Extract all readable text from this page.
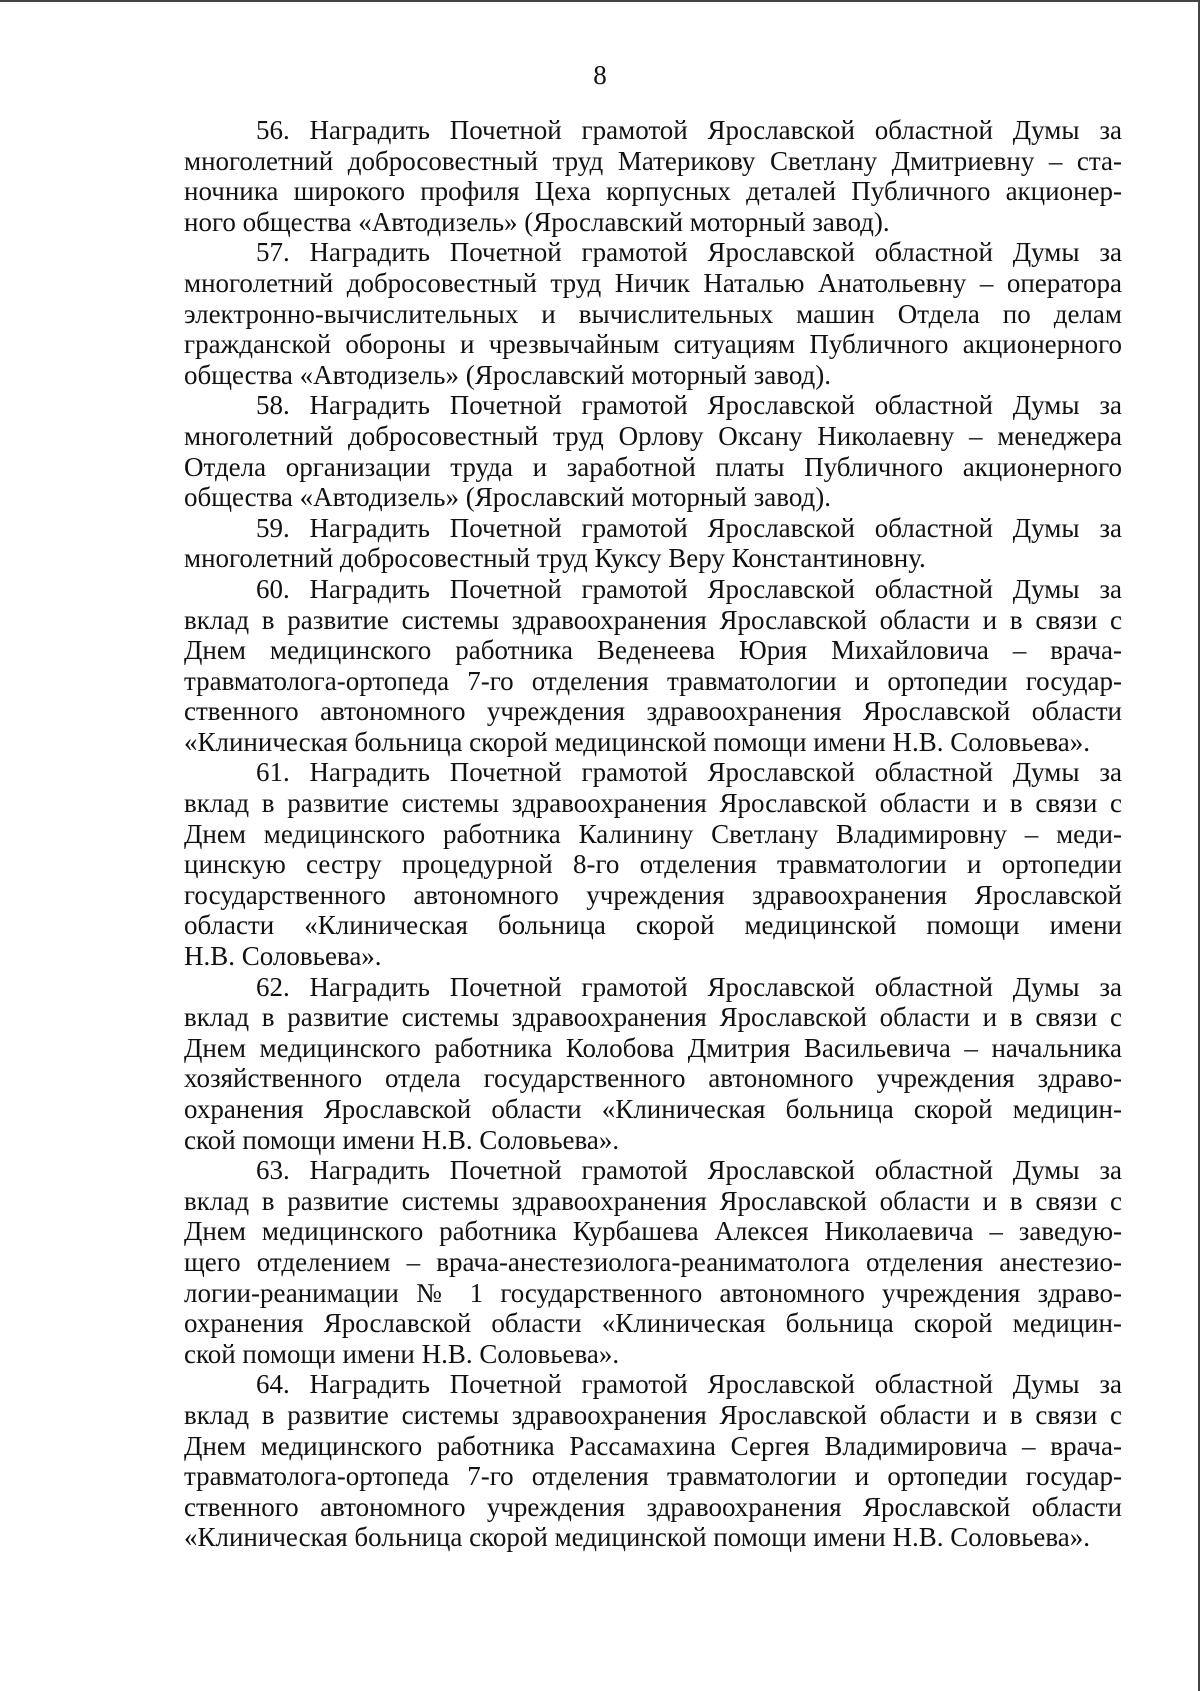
8
56. Наградить Почетной грамотой Ярославской областной Думы за
многолетний добросовестный труд Материкову Светлану Дмитриевну – ста-
ночника широкого профиля Цеха корпусных деталей Публичного акционер-
ного общества «Автодизель» (Ярославский моторный завод).
57. Наградить Почетной грамотой Ярославской областной Думы за
многолетний добросовестный труд Ничик Наталью Анатольевну – оператора
электронно-вычислительных и вычислительных машин Отдела по делам
гражданской обороны и чрезвычайным ситуациям Публичного акционерного
общества «Автодизель» (Ярославский моторный завод).
58. Наградить Почетной грамотой Ярославской областной Думы за
многолетний добросовестный труд Орлову Оксану Николаевну – менеджера
Отдела организации труда и заработной платы Публичного акционерного
общества «Автодизель» (Ярославский моторный завод).
59. Наградить Почетной грамотой Ярославской областной Думы за
многолетний добросовестный труд Куксу Веру Константиновну.
60. Наградить Почетной грамотой Ярославской областной Думы за
вклад в развитие системы здравоохранения Ярославской области и в связи с
Днем медицинского работника Веденеева Юрия Михайловича – врача-
травматолога-ортопеда 7-го отделения травматологии и ортопедии государ-
ственного автономного учреждения здравоохранения Ярославской области
«Клиническая больница скорой медицинской помощи имени Н.В. Соловьева».
61. Наградить Почетной грамотой Ярославской областной Думы за
вклад в развитие системы здравоохранения Ярославской области и в связи с
Днем медицинского работника Калинину Светлану Владимировну – меди-
цинскую сестру процедурной 8-го отделения травматологии и ортопедии
государственного автономного учреждения здравоохранения Ярославской
области «Клиническая больница скорой медицинской помощи имени
Н.В. Соловьева».
62. Наградить Почетной грамотой Ярославской областной Думы за
вклад в развитие системы здравоохранения Ярославской области и в связи с
Днем медицинского работника Колобова Дмитрия Васильевича – начальника
хозяйственного отдела государственного автономного учреждения здраво-
охранения Ярославской области «Клиническая больница скорой медицин-
ской помощи имени Н.В. Соловьева».
63. Наградить Почетной грамотой Ярославской областной Думы за
вклад в развитие системы здравоохранения Ярославской области и в связи с
Днем медицинского работника Курбашева Алексея Николаевича – заведую-
щего отделением – врача-анестезиолога-реаниматолога отделения анестезио-
логии-реанимации № 1 государственного автономного учреждения здраво-
охранения Ярославской области «Клиническая больница скорой медицин-
ской помощи имени Н.В. Соловьева».
64. Наградить Почетной грамотой Ярославской областной Думы за
вклад в развитие системы здравоохранения Ярославской области и в связи с
Днем медицинского работника Рассамахина Сергея Владимировича – врача-
травматолога-ортопеда 7-го отделения травматологии и ортопедии государ-
ственного автономного учреждения здравоохранения Ярославской области
«Клиническая больница скорой медицинской помощи имени Н.В. Соловьева».
